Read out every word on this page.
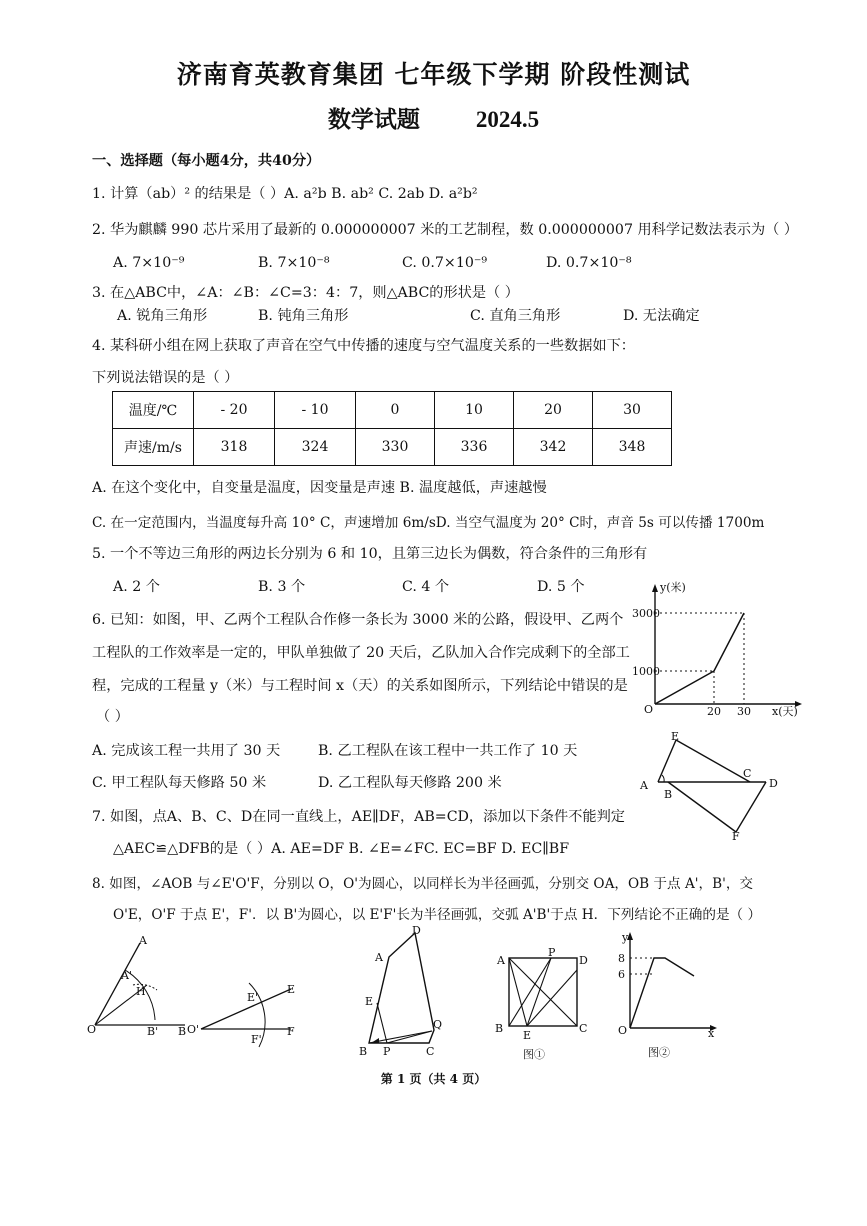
济南育英教育集团 七年级下学期 阶段性测试
数学试题 2024.5
一、选择题（每小题4分，共40分）
1. 计算（ab）² 的结果是（ ）A. a²b B. ab² C. 2ab D. a²b²
2. 华为麒麟 990 芯片采用了最新的 0.000000007 米的工艺制程，数 0.000000007 用科学记数法表示为（ ）
A. 7×10⁻⁹	B. 7×10⁻⁸	C. 0.7×10⁻⁹	D. 0.7×10⁻⁸
3. 在△ABC中，∠A：∠B：∠C=3：4：7，则△ABC的形状是（ ）
A. 锐角三角形	B. 钝角三角形	C. 直角三角形	D. 无法确定
4. 某科研小组在网上获取了声音在空气中传播的速度与空气温度关系的一些数据如下：
下列说法错误的是（ ）
温度/℃	- 20	- 10	0	10	20	30
声速/m/s	318	324	330	336	342	348
A. 在这个变化中，自变量是温度，因变量是声速 B. 温度越低，声速越慢
C. 在一定范围内，当温度每升高 10° C，声速增加 6m/sD. 当空气温度为 20° C时，声音 5s 可以传播 1700m
5. 一个不等边三角形的两边长分别为 6 和 10，且第三边长为偶数，符合条件的三角形有
A. 2 个	B. 3 个	C. 4 个	D. 5 个
6. 已知：如图，甲、乙两个工程队合作修一条长为 3000 米的公路，假设甲、乙两个
工程队的工作效率是一定的，甲队单独做了 20 天后，乙队加入合作完成剩下的全部工
程，完成的工程量 y（米）与工程时间 x（天）的关系如图所示，下列结论中错误的是
（ ）
A. 完成该工程一共用了 30 天	B. 乙工程队在该工程中一共工作了 10 天
C. 甲工程队每天修路 50 米	D. 乙工程队每天修路 200 米
y(米)
x(天)
O
1000
3000
20 30
A
B
C
D
E
F
7. 如图，点A、B、C、D在同一直线上，AE∥DF，AB=CD，添加以下条件不能判定
△AEC≌△DFB的是（ ）A. AE=DF B. ∠E=∠FC. EC=BF D. EC∥BF
8. 如图，∠AOB 与∠E'O'F，分别以 O，O'为圆心，以同样长为半径画弧，分别交 OA，OB 于点 A'，B'，交
O'E，O'F 于点 E'，F'．以 B'为圆心，以 E'F'长为半径画弧，交弧 A'B'于点 H．下列结论不正确的是（ ）
O
A
A'
H
B' B O'
E'
E
F'
F
A
D
E
B P
Q
C
A
P
D
B
E
C
图①
y
x
O
8
6
图②
第 1 页（共 4 页）
